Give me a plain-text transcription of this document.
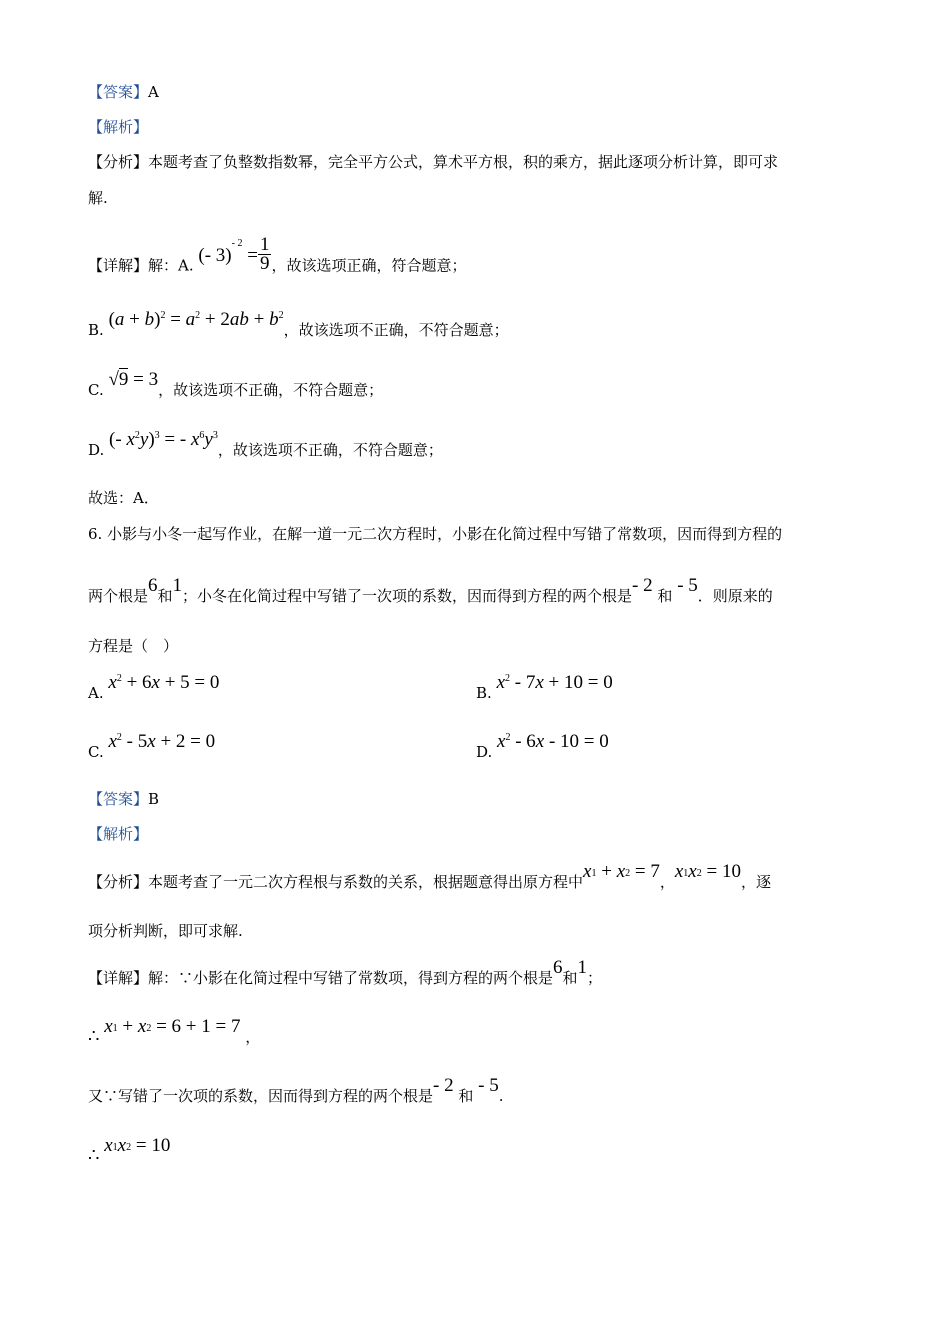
【答案】A
【解析】
【分析】本题考查了负整数指数幂，完全平方公式，算术平方根，积的乘方，据此逐项分析计算，即可求
解.
【详解】解：A. (- $3)^{- 2} = \frac{1}{9}$ ，故该选项正确，符合题意；
B. $(a + b)^2 = a^2 + 2ab + b^2$，故该选项不正确，不符合题意；
C. √9 = 3，故该选项不正确，不符合题意；
D. (- $x^2y)^3$ = - $x^6y^3$，故该选项不正确，不符合题意；
故选：A．
6. 小影与小冬一起写作业，在解一道一元二次方程时，小影在化简过程中写错了常数项，因而得到方程的
两个根是6和1；小冬在化简过程中写错了一次项的系数，因而得到方程的两个根是- 2 和 - 5．则原来的
方程是（　）
A. $x^2 + 6x + 5 = 0$	B. $x^2 - 7x + 10 = 0$
C. $x^2 - 5x + 2 = 0$	D. $x^2 - 6x - 10 = 0$
【答案】B
【解析】
【分析】本题考查了一元二次方程根与系数的关系，根据题意得出原方程中x1 + x2 = 7，x1x2 = 10，逐
项分析判断，即可求解.
【详解】解：∵小影在化简过程中写错了常数项，得到方程的两个根是6和1；
∴ x1 + x2 = 6 + 1 = 7 ，
又∵写错了一次项的系数，因而得到方程的两个根是- 2 和 - 5.
∴ x1x2 = 10
